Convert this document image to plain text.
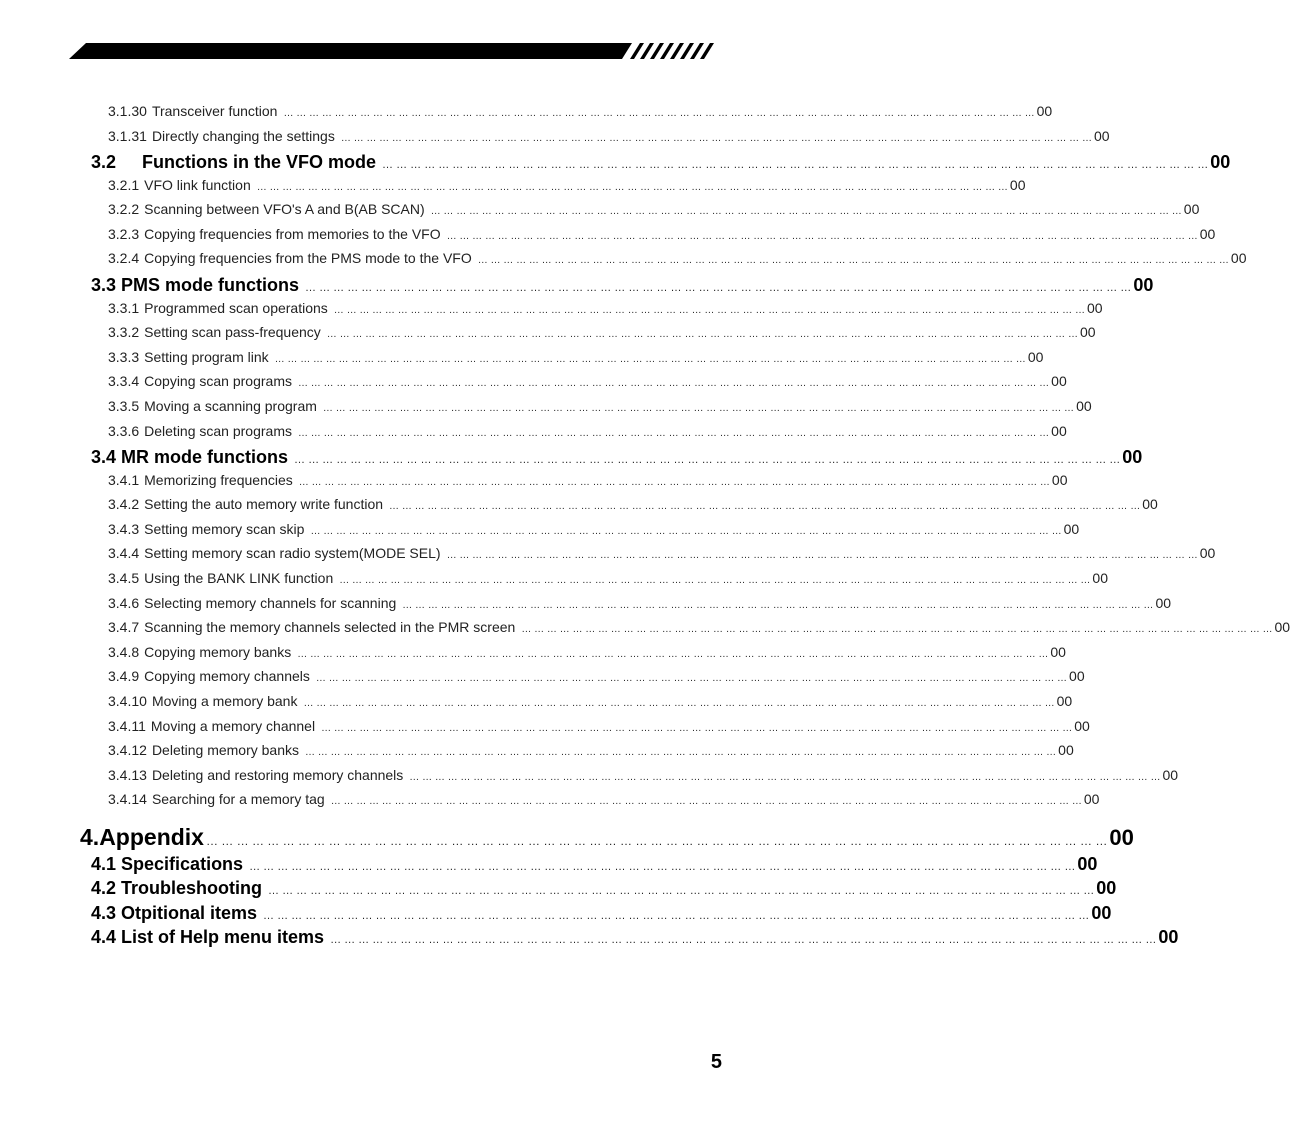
3.1.30 Transceiver function … … … … … … … … … … … … … … … … … … … … … … … … … … … … … … … … … … … … … … … … … … … … … … … … … … … … … … … … … … … 00
3.1.31 Directly changing the settings … … … … … … … … … … … … … … … … … … … … … … … … … … … … … … … … … … … … … … … … … … … … … … … … … … … … … … … … … … … 00
3.2 Functions in the VFO mode … … … … … … … … … … … … … … … … … … … … … … … … … … … … … … … … … … … … … … … … … … … … … … … … … … … … … … … … … … … 00
3.2.1 VFO link function … … … … … … … … … … … … … … … … … … … … … … … … … … … … … … … … … … … … … … … … … … … … … … … … … … … … … … … … … … … 00
3.2.2 Scanning between VFO's A and B(AB SCAN) … … … … … … … … … … … … … … … … … … … … … … … … … … … … … … … … … … … … … … … … … … … … … … … … … … … … … … … … … … … 00
3.2.3 Copying frequencies from memories to the VFO … … … … … … … … … … … … … … … … … … … … … … … … … … … … … … … … … … … … … … … … … … … … … … … … … … … … … … … … … … … 00
3.2.4 Copying frequencies from the PMS mode to the VFO … … … … … … … … … … … … … … … … … … … … … … … … … … … … … … … … … … … … … … … … … … … … … … … … … … … … … … … … … … … 00
3.3 PMS mode functions … … … … … … … … … … … … … … … … … … … … … … … … … … … … … … … … … … … … … … … … … … … … … … … … … … … … … … … … … … … 00
3.3.1 Programmed scan operations … … … … … … … … … … … … … … … … … … … … … … … … … … … … … … … … … … … … … … … … … … … … … … … … … … … … … … … … … … … 00
3.3.2 Setting scan pass-frequency … … … … … … … … … … … … … … … … … … … … … … … … … … … … … … … … … … … … … … … … … … … … … … … … … … … … … … … … … … … 00
3.3.3 Setting program link … … … … … … … … … … … … … … … … … … … … … … … … … … … … … … … … … … … … … … … … … … … … … … … … … … … … … … … … … … … 00
3.3.4 Copying scan programs … … … … … … … … … … … … … … … … … … … … … … … … … … … … … … … … … … … … … … … … … … … … … … … … … … … … … … … … … … … 00
3.3.5 Moving a scanning program … … … … … … … … … … … … … … … … … … … … … … … … … … … … … … … … … … … … … … … … … … … … … … … … … … … … … … … … … … … 00
3.3.6 Deleting scan programs … … … … … … … … … … … … … … … … … … … … … … … … … … … … … … … … … … … … … … … … … … … … … … … … … … … … … … … … … … … 00
3.4 MR mode functions … … … … … … … … … … … … … … … … … … … … … … … … … … … … … … … … … … … … … … … … … … … … … … … … … … … … … … … … … … … 00
3.4.1 Memorizing frequencies … … … … … … … … … … … … … … … … … … … … … … … … … … … … … … … … … … … … … … … … … … … … … … … … … … … … … … … … … … … 00
3.4.2 Setting the auto memory write function … … … … … … … … … … … … … … … … … … … … … … … … … … … … … … … … … … … … … … … … … … … … … … … … … … … … … … … … … … … 00
3.4.3 Setting memory scan skip … … … … … … … … … … … … … … … … … … … … … … … … … … … … … … … … … … … … … … … … … … … … … … … … … … … … … … … … … … … 00
3.4.4 Setting memory scan radio system(MODE SEL) … … … … … … … … … … … … … … … … … … … … … … … … … … … … … … … … … … … … … … … … … … … … … … … … … … … … … … … … … … … 00
3.4.5 Using the BANK LINK function … … … … … … … … … … … … … … … … … … … … … … … … … … … … … … … … … … … … … … … … … … … … … … … … … … … … … … … … … … … 00
3.4.6 Selecting memory channels for scanning … … … … … … … … … … … … … … … … … … … … … … … … … … … … … … … … … … … … … … … … … … … … … … … … … … … … … … … … … … … 00
3.4.7 Scanning the memory channels selected in the PMR screen … … … … … … … … … … … … … … … … … … … … … … … … … … … … … … … … … … … … … … … … … … … … … … … … … … … … … … … … … … … 00
3.4.8 Copying memory banks … … … … … … … … … … … … … … … … … … … … … … … … … … … … … … … … … … … … … … … … … … … … … … … … … … … … … … … … … … … 00
3.4.9 Copying memory channels … … … … … … … … … … … … … … … … … … … … … … … … … … … … … … … … … … … … … … … … … … … … … … … … … … … … … … … … … … … 00
3.4.10 Moving a memory bank … … … … … … … … … … … … … … … … … … … … … … … … … … … … … … … … … … … … … … … … … … … … … … … … … … … … … … … … … … … 00
3.4.11 Moving a memory channel … … … … … … … … … … … … … … … … … … … … … … … … … … … … … … … … … … … … … … … … … … … … … … … … … … … … … … … … … … … 00
3.4.12 Deleting memory banks … … … … … … … … … … … … … … … … … … … … … … … … … … … … … … … … … … … … … … … … … … … … … … … … … … … … … … … … … … … 00
3.4.13 Deleting and restoring memory channels … … … … … … … … … … … … … … … … … … … … … … … … … … … … … … … … … … … … … … … … … … … … … … … … … … … … … … … … … … … 00
3.4.14 Searching for a memory tag … … … … … … … … … … … … … … … … … … … … … … … … … … … … … … … … … … … … … … … … … … … … … … … … … … … … … … … … … … … 00
4. Appendix … … … … … … … … … … … … … … … … … … … … … … … … … … … … … … … … … … … … … … … … … … … … … … … … … … … … … … … … … … … 00
4.1 Specifications … … … … … … … … … … … … … … … … … … … … … … … … … … … … … … … … … … … … … … … … … … … … … … … … … … … … … … … … … … … 00
4.2 Troubleshooting … … … … … … … … … … … … … … … … … … … … … … … … … … … … … … … … … … … … … … … … … … … … … … … … … … … … … … … … … … … 00
4.3 Otpitional items … … … … … … … … … … … … … … … … … … … … … … … … … … … … … … … … … … … … … … … … … … … … … … … … … … … … … … … … … … … 00
4.4 List of Help menu items … … … … … … … … … … … … … … … … … … … … … … … … … … … … … … … … … … … … … … … … … … … … … … … … … … … … … … … … … … … 00
5
